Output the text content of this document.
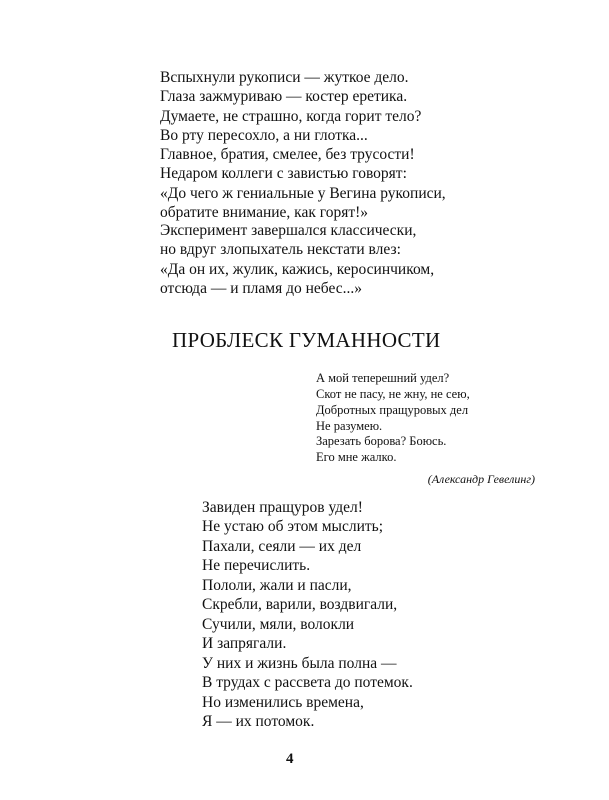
Вспыхнули рукописи — жуткое дело.
Глаза зажмуриваю — костер еретика.
Думаете, не страшно, когда горит тело?
Во рту пересохло, а ни глотка...
Главное, братия, смелее, без трусости!
Недаром коллеги с завистью говорят:
«До чего ж гениальные у Вегина рукописи,
обратите внимание, как горят!»
Эксперимент завершался классически,
но вдруг злопыхатель некстати влез:
«Да он их, жулик, кажись, керосинчиком,
отсюда — и пламя до небес...»
ПРОБЛЕСК ГУМАННОСТИ
А мой теперешний удел?
Скот не пасу, не жну, не сею,
Добротных пращуровых дел
Не разумею.
Зарезать борова? Боюсь.
Его мне жалко.
(Александр Гевелинг)
Завиден пращуров удел!
Не устаю об этом мыслить;
Пахали, сеяли — их дел
Не перечислить.
Пололи, жали и пасли,
Скребли, варили, воздвигали,
Сучили, мяли, волокли
И запрягали.
У них и жизнь была полна —
В трудах с рассвета до потемок.
Но изменились времена,
Я — их потомок.
4
